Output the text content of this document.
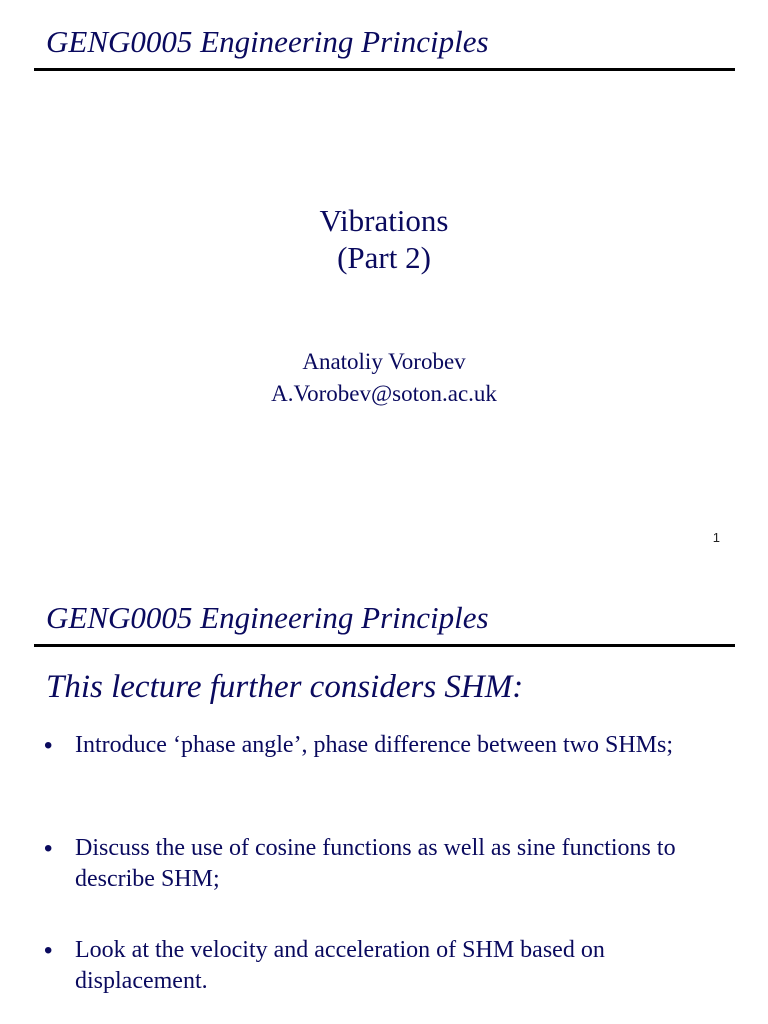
GENG0005 Engineering Principles
Vibrations
(Part 2)
Anatoliy Vorobev
A.Vorobev@soton.ac.uk
1
GENG0005 Engineering Principles
This lecture further considers SHM:
• Introduce ‘phase angle’, phase difference between two SHMs;
• Discuss the use of cosine functions as well as sine functions to describe SHM;
• Look at the velocity and acceleration of SHM based on displacement.
